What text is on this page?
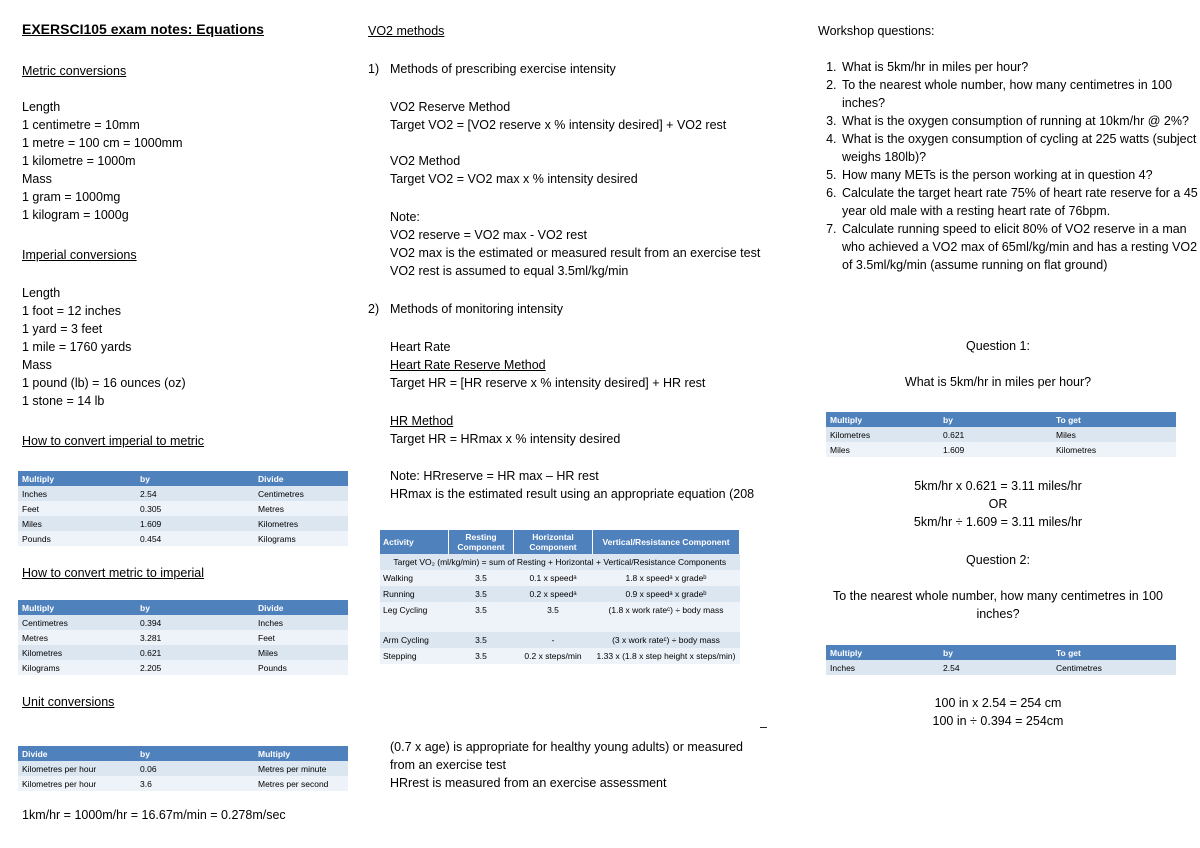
EXERSCI105 exam notes: Equations
Metric conversions
Length
1 centimetre = 10mm
1 metre = 100 cm = 1000mm
1 kilometre = 1000m
Mass
1 gram = 1000mg
1 kilogram = 1000g
Imperial conversions
Length
1 foot = 12 inches
1 yard = 3 feet
1 mile = 1760 yards
Mass
1 pound (lb) = 16 ounces (oz)
1 stone = 14 lb
How to convert imperial to metric
Multiply	by	Divide
Inches	2.54	Centimetres
Feet	0.305	Metres
Miles	1.609	Kilometres
Pounds	0.454	Kilograms
How to convert metric to imperial
Multiply	by	Divide
Centimetres	0.394	Inches
Metres	3.281	Feet
Kilometres	0.621	Miles
Kilograms	2.205	Pounds
Unit conversions
Divide	by	Multiply
Kilometres per hour	0.06	Metres per minute
Kilometres per hour	3.6	Metres per second
1km/hr = 1000m/hr = 16.67m/min = 0.278m/sec
VO2 methods
1) Methods of prescribing exercise intensity
VO2 Reserve Method
Target VO2 = [VO2 reserve x % intensity desired] + VO2 rest
VO2 Method
Target VO2 = VO2 max x % intensity desired
Note:
VO2 reserve = VO2 max - VO2 rest
VO2 max is the estimated or measured result from an exercise test
VO2 rest is assumed to equal 3.5ml/kg/min
2) Methods of monitoring intensity
Heart Rate
Heart Rate Reserve Method
Target HR = [HR reserve x % intensity desired] + HR rest
HR Method
Target HR = HRmax x % intensity desired
Note: HRreserve = HR max – HR rest
HRmax is the estimated result using an appropriate equation (208
Activity	Resting Component	Horizontal Component	Vertical/Resistance Component
Target VO₂ (ml/kg/min) = sum of Resting + Horizontal + Vertical/Resistance Components			
Walking	3.5	0.1 x speedᵃ	1.8 x speedᵃ x gradeᵇ
Running	3.5	0.2 x speedᵃ	0.9 x speedᵃ x gradeᵇ
Leg Cycling	3.5	3.5	(1.8 x work rateᶜ) ÷ body mass
Arm Cycling	3.5	-	(3 x work rateᶜ) ÷ body mass
Stepping	3.5	0.2 x steps/min	1.33 x (1.8 x step height x steps/min)
–
(0.7 x age) is appropriate for healthy young adults) or measured
from an exercise test
HRrest is measured from an exercise assessment
Workshop questions:
1. What is 5km/hr in miles per hour?
2. To the nearest whole number, how many centimetres in 100 inches?
3. What is the oxygen consumption of running at 10km/hr @ 2%?
4. What is the oxygen consumption of cycling at 225 watts (subject weighs 180lb)?
5. How many METs is the person working at in question 4?
6. Calculate the target heart rate 75% of heart rate reserve for a 45 year old male with a resting heart rate of 76bpm.
7. Calculate running speed to elicit 80% of VO2 reserve in a man who achieved a VO2 max of 65ml/kg/min and has a resting VO2 of 3.5ml/kg/min (assume running on flat ground)
Question 1:
What is 5km/hr in miles per hour?
Multiply	by	To get
Kilometres	0.621	Miles
Miles	1.609	Kilometres
5km/hr x 0.621 = 3.11 miles/hr
OR
5km/hr ÷ 1.609 = 3.11 miles/hr
Question 2:
To the nearest whole number, how many centimetres in 100 inches?
Multiply	by	To get
Inches	2.54	Centimetres
100 in x 2.54 = 254 cm
100 in ÷ 0.394 = 254cm
